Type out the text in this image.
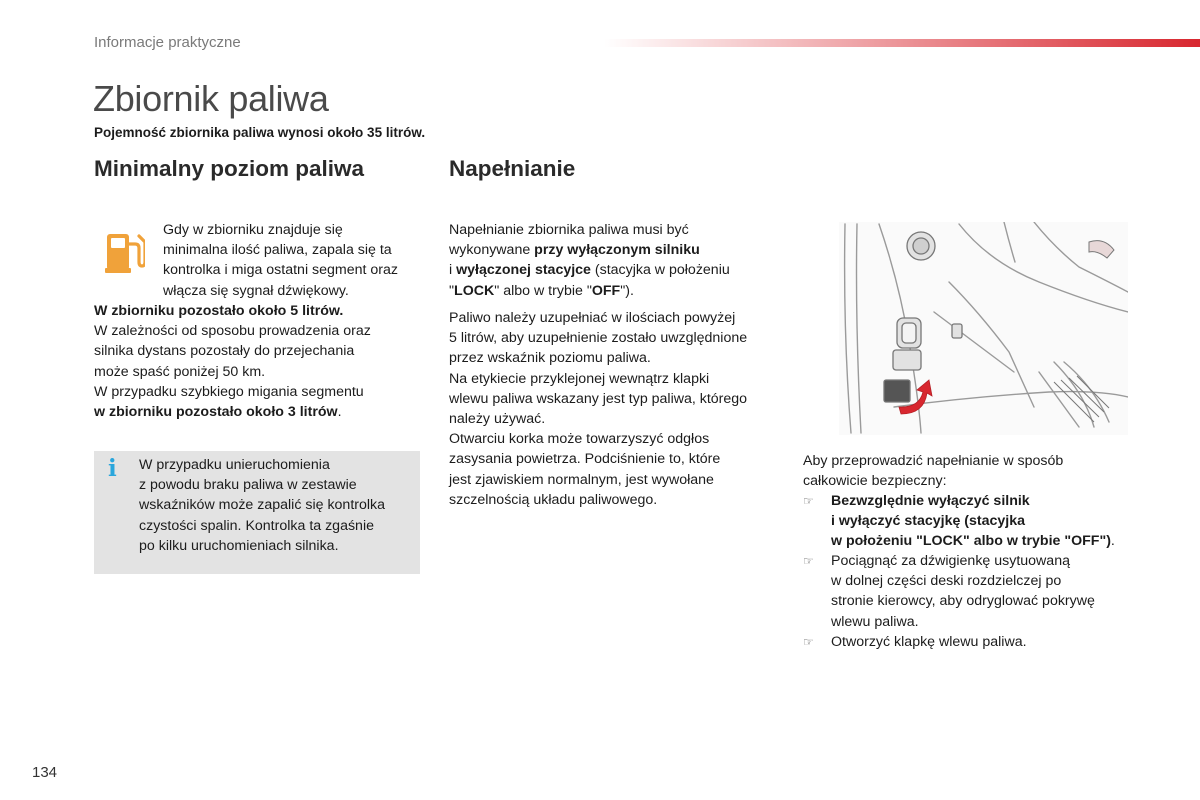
Informacje praktyczne
Zbiornik paliwa
Pojemność zbiornika paliwa wynosi około 35 litrów.
Minimalny poziom paliwa
Gdy w zbiorniku znajduje się
minimalna ilość paliwa, zapala się ta
kontrolka i miga ostatni segment oraz
włącza się sygnał dźwiękowy.
W zbiorniku pozostało około 5 litrów.
W zależności od sposobu prowadzenia oraz
silnika dystans pozostały do przejechania
może spaść poniżej 50 km.
W przypadku szybkiego migania segmentu
w zbiorniku pozostało około 3 litrów.
i W przypadku unieruchomienia
z powodu braku paliwa w zestawie
wskaźników może zapalić się kontrolka
czystości spalin. Kontrolka ta zgaśnie
po kilku uruchomieniach silnika.
Napełnianie
Napełnianie zbiornika paliwa musi być
wykonywane przy wyłączonym silniku
i wyłączonej stacyjce (stacyjka w położeniu
"LOCK" albo w trybie "OFF").
Paliwo należy uzupełniać w ilościach powyżej
5 litrów, aby uzupełnienie zostało uwzględnione
przez wskaźnik poziomu paliwa.
Na etykiecie przyklejonej wewnątrz klapki
wlewu paliwa wskazany jest typ paliwa, którego
należy używać.
Otwarciu korka może towarzyszyć odgłos
zasysania powietrza. Podciśnienie to, które
jest zjawiskiem normalnym, jest wywołane
szczelnością układu paliwowego.
Aby przeprowadzić napełnianie w sposób
całkowicie bezpieczny:
☞ Bezwzględnie wyłączyć silnik
i wyłączyć stacyjkę (stacyjka
w położeniu "LOCK" albo w trybie "OFF").
☞ Pociągnąć za dźwigienkę usytuowaną
w dolnej części deski rozdzielczej po
stronie kierowcy, aby odryglować pokrywę
wlewu paliwa.
☞ Otworzyć klapkę wlewu paliwa.
134
